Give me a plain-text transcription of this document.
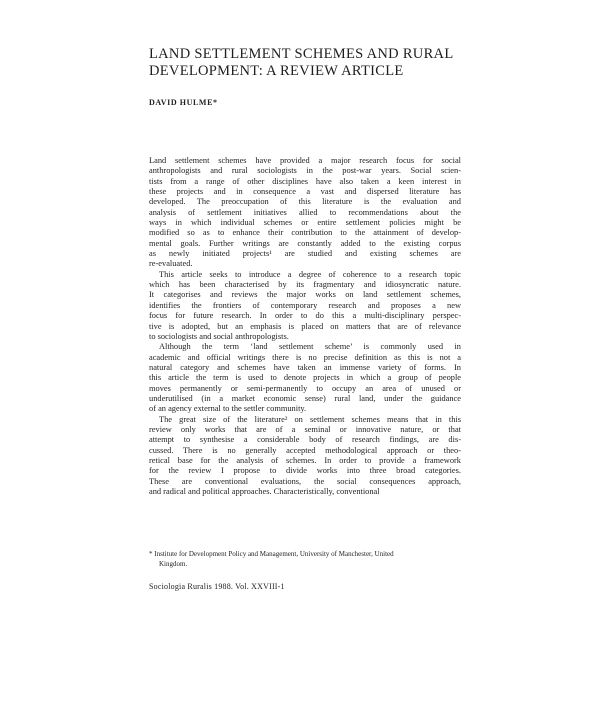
LAND SETTLEMENT SCHEMES AND RURAL
DEVELOPMENT: A REVIEW ARTICLE
DAVID HULME*

Land settlement schemes have provided a major research focus for social
anthropologists and rural sociologists in the post-war years. Social scien-
tists from a range of other disciplines have also taken a keen interest in
these projects and in consequence a vast and dispersed literature has
developed. The preoccupation of this literature is the evaluation and
analysis of settlement initiatives allied to recommendations about the
ways in which individual schemes or entire settlement policies might be
modified so as to enhance their contribution to the attainment of develop-
mental goals. Further writings are constantly added to the existing corpus
as newly initiated projects¹ are studied and existing schemes are
re-evaluated.

This article seeks to introduce a degree of coherence to a research topic
which has been characterised by its fragmentary and idiosyncratic nature.
It categorises and reviews the major works on land settlement schemes,
identifies the frontiers of contemporary research and proposes a new
focus for future research. In order to do this a multi-disciplinary perspec-
tive is adopted, but an emphasis is placed on matters that are of relevance
to sociologists and social anthropologists.

Although the term ‘land settlement scheme’ is commonly used in
academic and official writings there is no precise definition as this is not a
natural category and schemes have taken an immense variety of forms. In
this article the term is used to denote projects in which a group of people
moves permanently or semi-permanently to occupy an area of unused or
underutilised (in a market economic sense) rural land, under the guidance
of an agency external to the settler community.

The great size of the literature² on settlement schemes means that in this
review only works that are of a seminal or innovative nature, or that
attempt to synthesise a considerable body of research findings, are dis-
cussed. There is no generally accepted methodological approach or theo-
retical base for the analysis of schemes. In order to provide a framework
for the review I propose to divide works into three broad categories.
These are conventional evaluations, the social consequences approach,
and radical and political approaches. Characteristically, conventional

* Institute for Development Policy and Management, University of Manchester, United
Kingdom.
Sociologia Ruralis 1988. Vol. XXVIII-1
